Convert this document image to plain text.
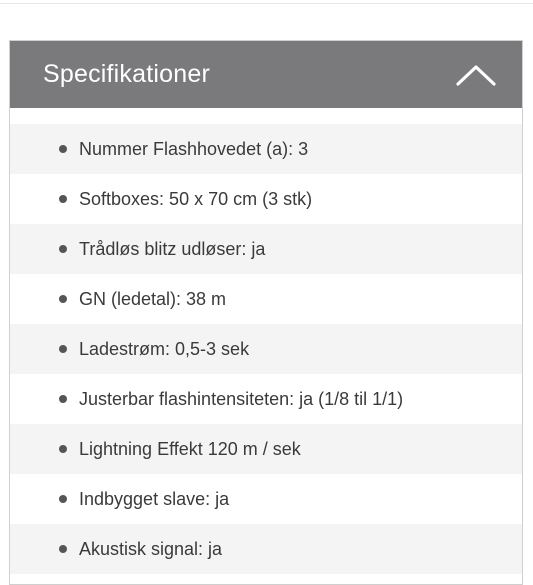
Specifikationer
Nummer Flashhovedet (a): 3
Softboxes: 50 x 70 cm (3 stk)
Trådløs blitz udløser: ja
GN (ledetal): 38 m
Ladestrøm: 0,5-3 sek
Justerbar flashintensiteten: ja (1/8 til 1/1)
Lightning Effekt 120 m / sek
Indbygget slave: ja
Akustisk signal: ja
